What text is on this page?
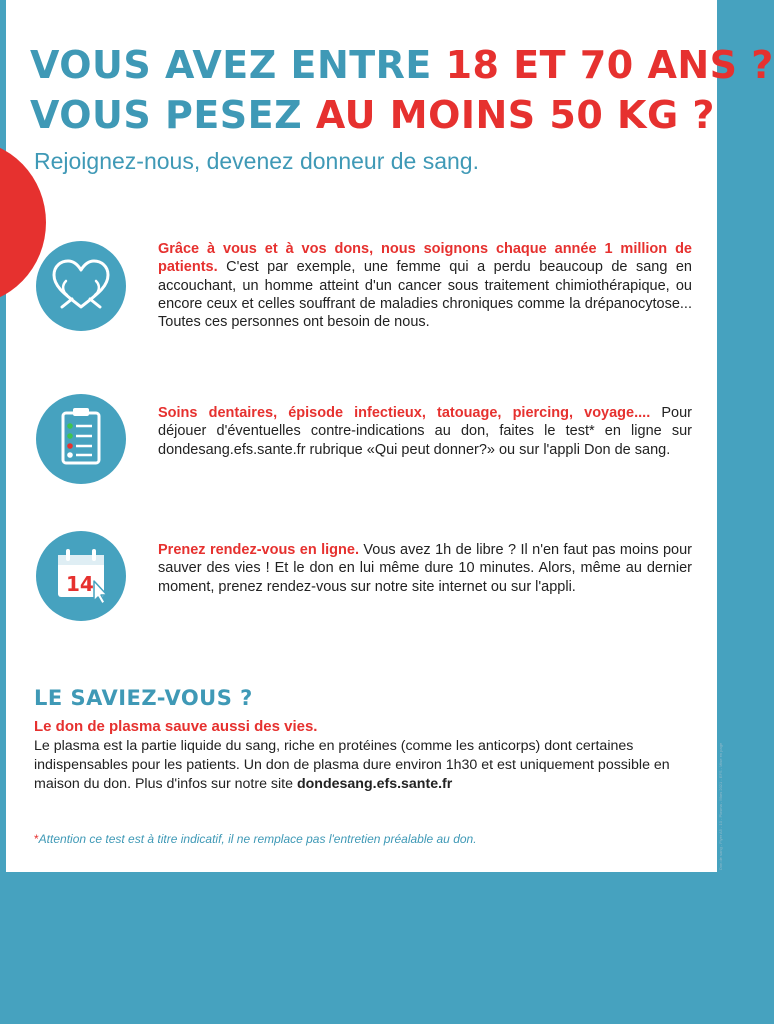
VOUS AVEZ ENTRE 18 ET 70 ANS ?
VOUS PESEZ AU MOINS 50 KG ?
Rejoignez-nous, devenez donneur de sang.
Grâce à vous et à vos dons, nous soignons chaque année 1 million de patients. C'est par exemple, une femme qui a perdu beaucoup de sang en accouchant, un homme atteint d'un cancer sous traitement chimiothérapique, ou encore ceux et celles souffrant de maladies chroniques comme la drépanocytose... Toutes ces personnes ont besoin de nous.
Soins dentaires, épisode infectieux, tatouage, piercing, voyage.... Pour déjouer d'éventuelles contre-indications au don, faites le test* en ligne sur dondesang.efs.sante.fr rubrique «Qui peut donner?» ou sur l'appli Don de sang.
14
Prenez rendez-vous en ligne. Vous avez 1h de libre ? Il n'en faut pas moins pour sauver des vies ! Et le don en lui même dure 10 minutes. Alors, même au dernier moment, prenez rendez-vous sur notre site internet ou sur l'appli.
LE SAVIEZ-VOUS ?
Le don de plasma sauve aussi des vies.
Le plasma est la partie liquide du sang, riche en protéines (comme les anticorps) dont certaines indispensables pour les patients. Un don de plasma dure environ 1h30 et est uniquement possible en maison du don. Plus d'infos sur notre site dondesang.efs.sante.fr
*Attention ce test est à titre indicatif, il ne remplace pas l'entretien préalable au don.	Don de sang - Flyer A5 - 10 - Plasma - Mars 2021 - EFS - Mise en page
